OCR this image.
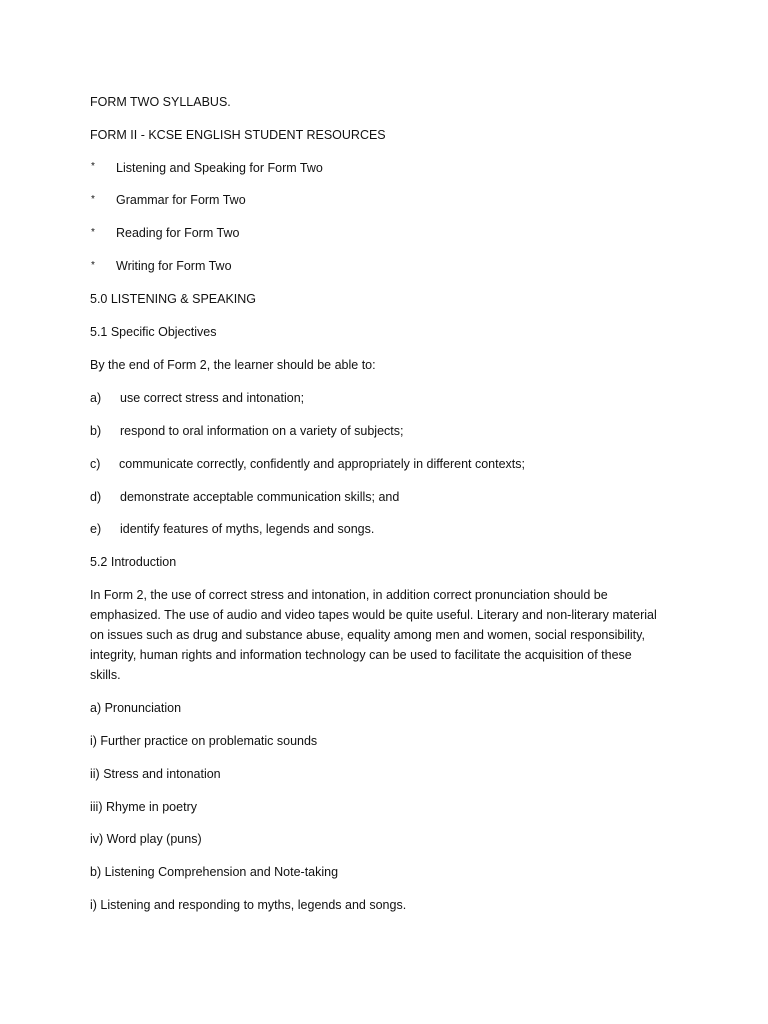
FORM TWO SYLLABUS.
FORM II - KCSE ENGLISH STUDENT RESOURCES
* Listening and Speaking for Form Two
* Grammar for Form Two
* Reading for Form Two
* Writing for Form Two
5.0 LISTENING & SPEAKING
5.1 Specific Objectives
By the end of Form 2, the learner should be able to:
a) use correct stress and intonation;
b) respond to oral information on a variety of subjects;
c) communicate correctly, confidently and appropriately in different contexts;
d) demonstrate acceptable communication skills; and
e) identify features of myths, legends and songs.
5.2 Introduction
In Form 2, the use of correct stress and intonation, in addition correct pronunciation should be
emphasized. The use of audio and video tapes would be quite useful. Literary and non-literary material
on issues such as drug and substance abuse, equality among men and women, social responsibility,
integrity, human rights and information technology can be used to facilitate the acquisition of these
skills.
a) Pronunciation
i) Further practice on problematic sounds
ii) Stress and intonation
iii) Rhyme in poetry
iv) Word play (puns)
b) Listening Comprehension and Note-taking
i) Listening and responding to myths, legends and songs.
